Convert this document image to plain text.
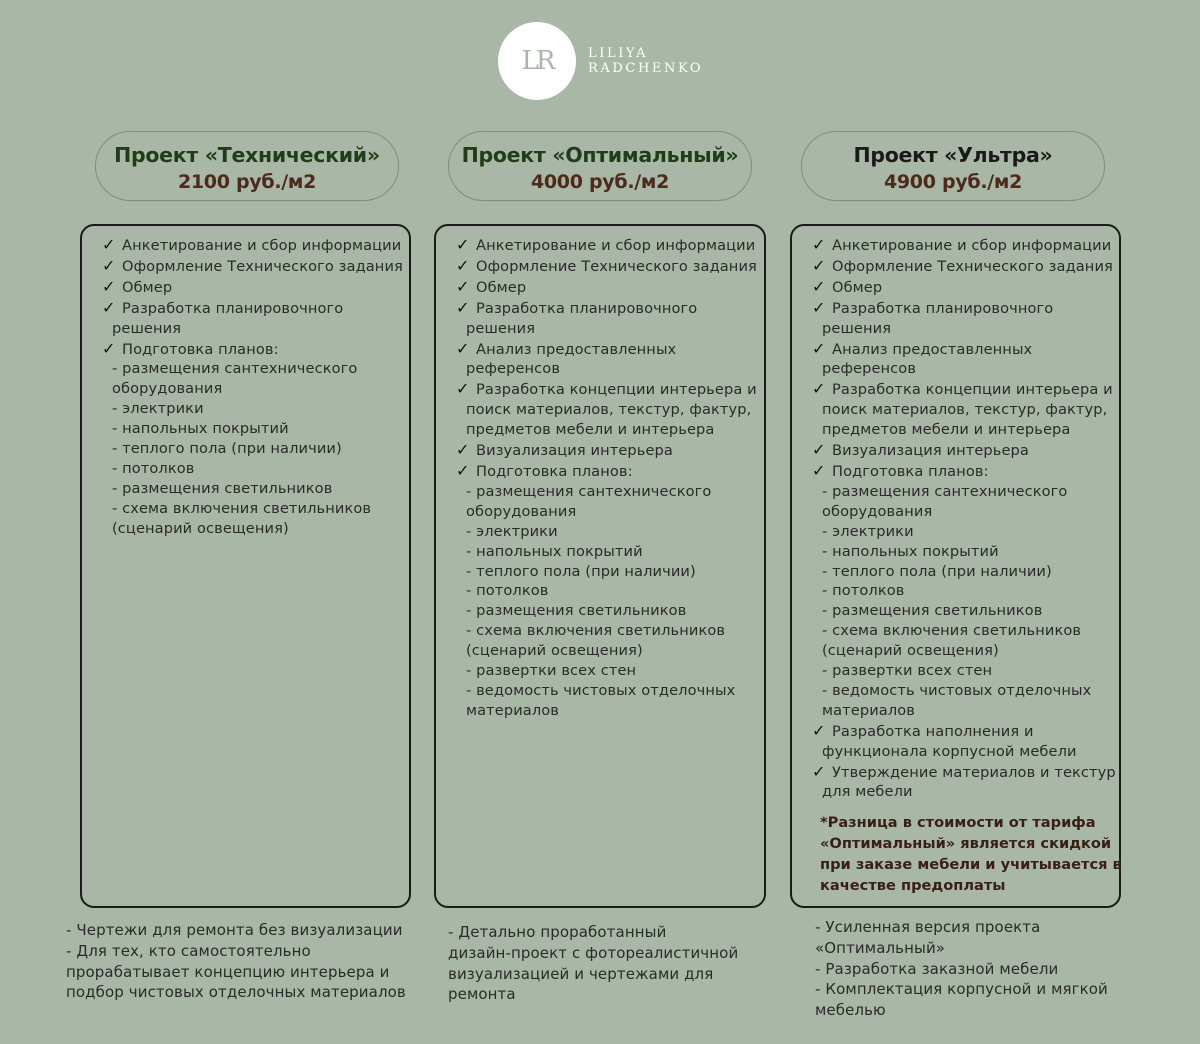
LR	LILIYA
RADCHENKO
Проект «Технический»
2100 руб./м2
Проект «Оптимальный»
4000 руб./м2
Проект «Ультра»
4900 руб./м2
✓ Анкетирование и сбор информации
✓ Оформление Технического задания
✓ Обмер
✓ Разработка планировочного
решения
✓ Подготовка планов:
- размещения сантехнического
оборудования
- электрики
- напольных покрытий
- теплого пола (при наличии)
- потолков
- размещения светильников
- схема включения светильников
(сценарий освещения)
✓ Анкетирование и сбор информации
✓ Оформление Технического задания
✓ Обмер
✓ Разработка планировочного
решения
✓ Анализ предоставленных
референсов
✓ Разработка концепции интерьера и
поиск материалов, текстур, фактур,
предметов мебели и интерьера
✓ Визуализация интерьера
✓ Подготовка планов:
- размещения сантехнического
оборудования
- электрики
- напольных покрытий
- теплого пола (при наличии)
- потолков
- размещения светильников
- схема включения светильников
(сценарий освещения)
- развертки всех стен
- ведомость чистовых отделочных
материалов
✓ Анкетирование и сбор информации
✓ Оформление Технического задания
✓ Обмер
✓ Разработка планировочного
решения
✓ Анализ предоставленных
референсов
✓ Разработка концепции интерьера и
поиск материалов, текстур, фактур,
предметов мебели и интерьера
✓ Визуализация интерьера
✓ Подготовка планов:
- размещения сантехнического
оборудования
- электрики
- напольных покрытий
- теплого пола (при наличии)
- потолков
- размещения светильников
- схема включения светильников
(сценарий освещения)
- развертки всех стен
- ведомость чистовых отделочных
материалов
✓ Разработка наполнения и
функционала корпусной мебели
✓ Утверждение материалов и текстур
для мебели
*Разница в стоимости от тарифа
«Оптимальный» является скидкой
при заказе мебели и учитывается в
качестве предоплаты
- Чертежи для ремонта без визуализации
- Для тех, кто самостоятельно
прорабатывает концепцию интерьера и
подбор чистовых отделочных материалов
- Детально проработанный
дизайн-проект с фотореалистичной
визуализацией и чертежами для
ремонта
- Усиленная версия проекта
«Оптимальный»
- Разработка заказной мебели
- Комплектация корпусной и мягкой
мебелью
